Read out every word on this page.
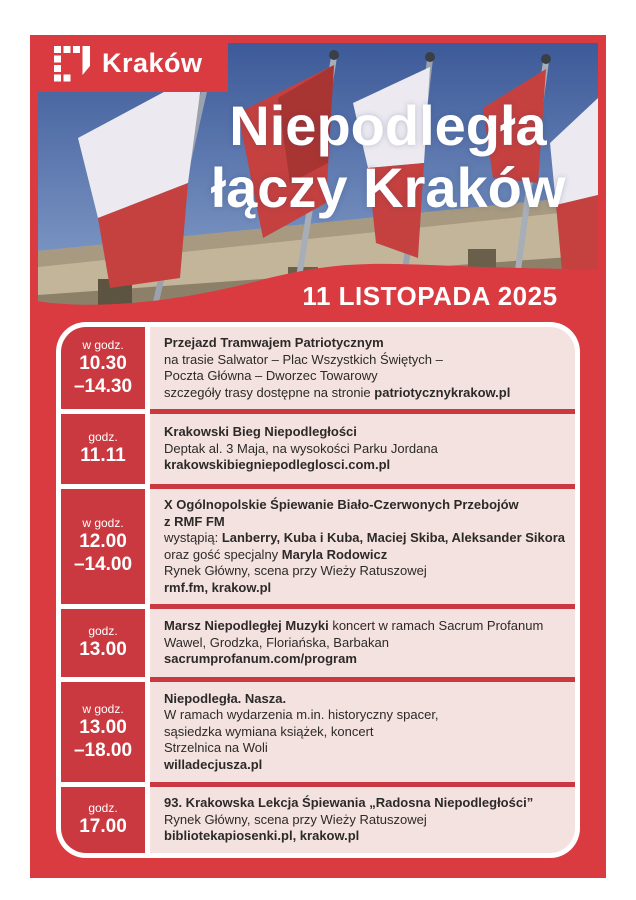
Kraków
Niepodległa
łączy Kraków
11 LISTOPADA 2025
w godz.
10.30
–14.30
Przejazd Tramwajem Patriotycznym
na trasie Salwator – Plac Wszystkich Świętych –
Poczta Główna – Dworzec Towarowy
szczegóły trasy dostępne na stronie patriotycznykrakow.pl
godz.
11.11
Krakowski Bieg Niepodległości
Deptak al. 3 Maja, na wysokości Parku Jordana
krakowskibiegniepodleglosci.com.pl
w godz.
12.00
–14.00
X Ogólnopolskie Śpiewanie Biało-Czerwonych Przebojów
z RMF FM
wystąpią: Lanberry, Kuba i Kuba, Maciej Skiba, Aleksander Sikora
oraz gość specjalny Maryla Rodowicz
Rynek Główny, scena przy Wieży Ratuszowej
rmf.fm, krakow.pl
godz.
13.00
Marsz Niepodległej Muzyki koncert w ramach Sacrum Profanum
Wawel, Grodzka, Floriańska, Barbakan
sacrumprofanum.com/program
w godz.
13.00
–18.00
Niepodległa. Nasza.
W ramach wydarzenia m.in. historyczny spacer,
sąsiedzka wymiana książek, koncert
Strzelnica na Woli
willadecjusza.pl
godz.
17.00
93. Krakowska Lekcja Śpiewania „Radosna Niepodległości”
Rynek Główny, scena przy Wieży Ratuszowej
bibliotekapiosenki.pl, krakow.pl
